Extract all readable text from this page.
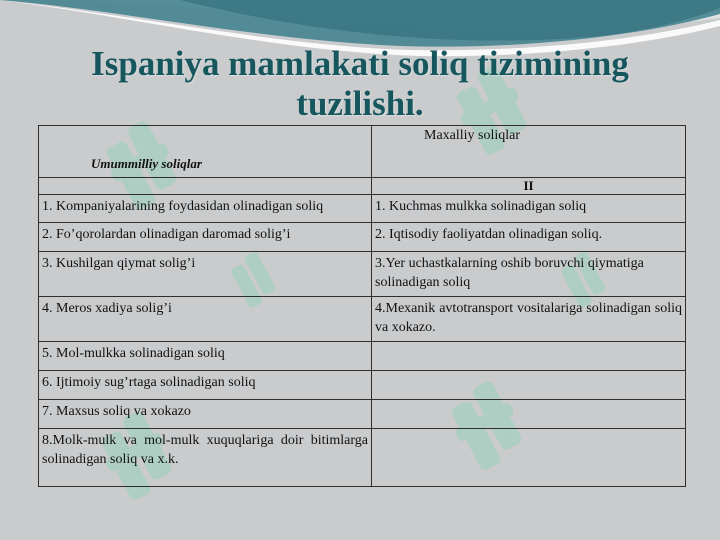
Ispaniya mamlakati soliq tizimining
tuzilishi.
Umummilliy soliqlar	Maxalliy soliqlar
	II
1. Kompaniyalarining foydasidan olinadigan soliq	1. Kuchmas mulkka solinadigan soliq
2. Fo’qorolardan olinadigan daromad solig’i	2. Iqtisodiy faoliyatdan olinadigan soliq.
3. Kushilgan qiymat solig’i	3.Yer uchastkalarning oshib boruvchi qiymatiga solinadigan soliq
4. Meros xadiya solig’i	4.Mexanik avtotransport vositalariga solinadigan soliq va xokazo.
5. Mol-mulkka solinadigan soliq	
6. Ijtimoiy sug’rtaga solinadigan soliq	
7. Maxsus soliq va xokazo	
8.Molk-mulk va mol-mulk xuquqlariga doir bitimlarga solinadigan soliq va x.k.	
